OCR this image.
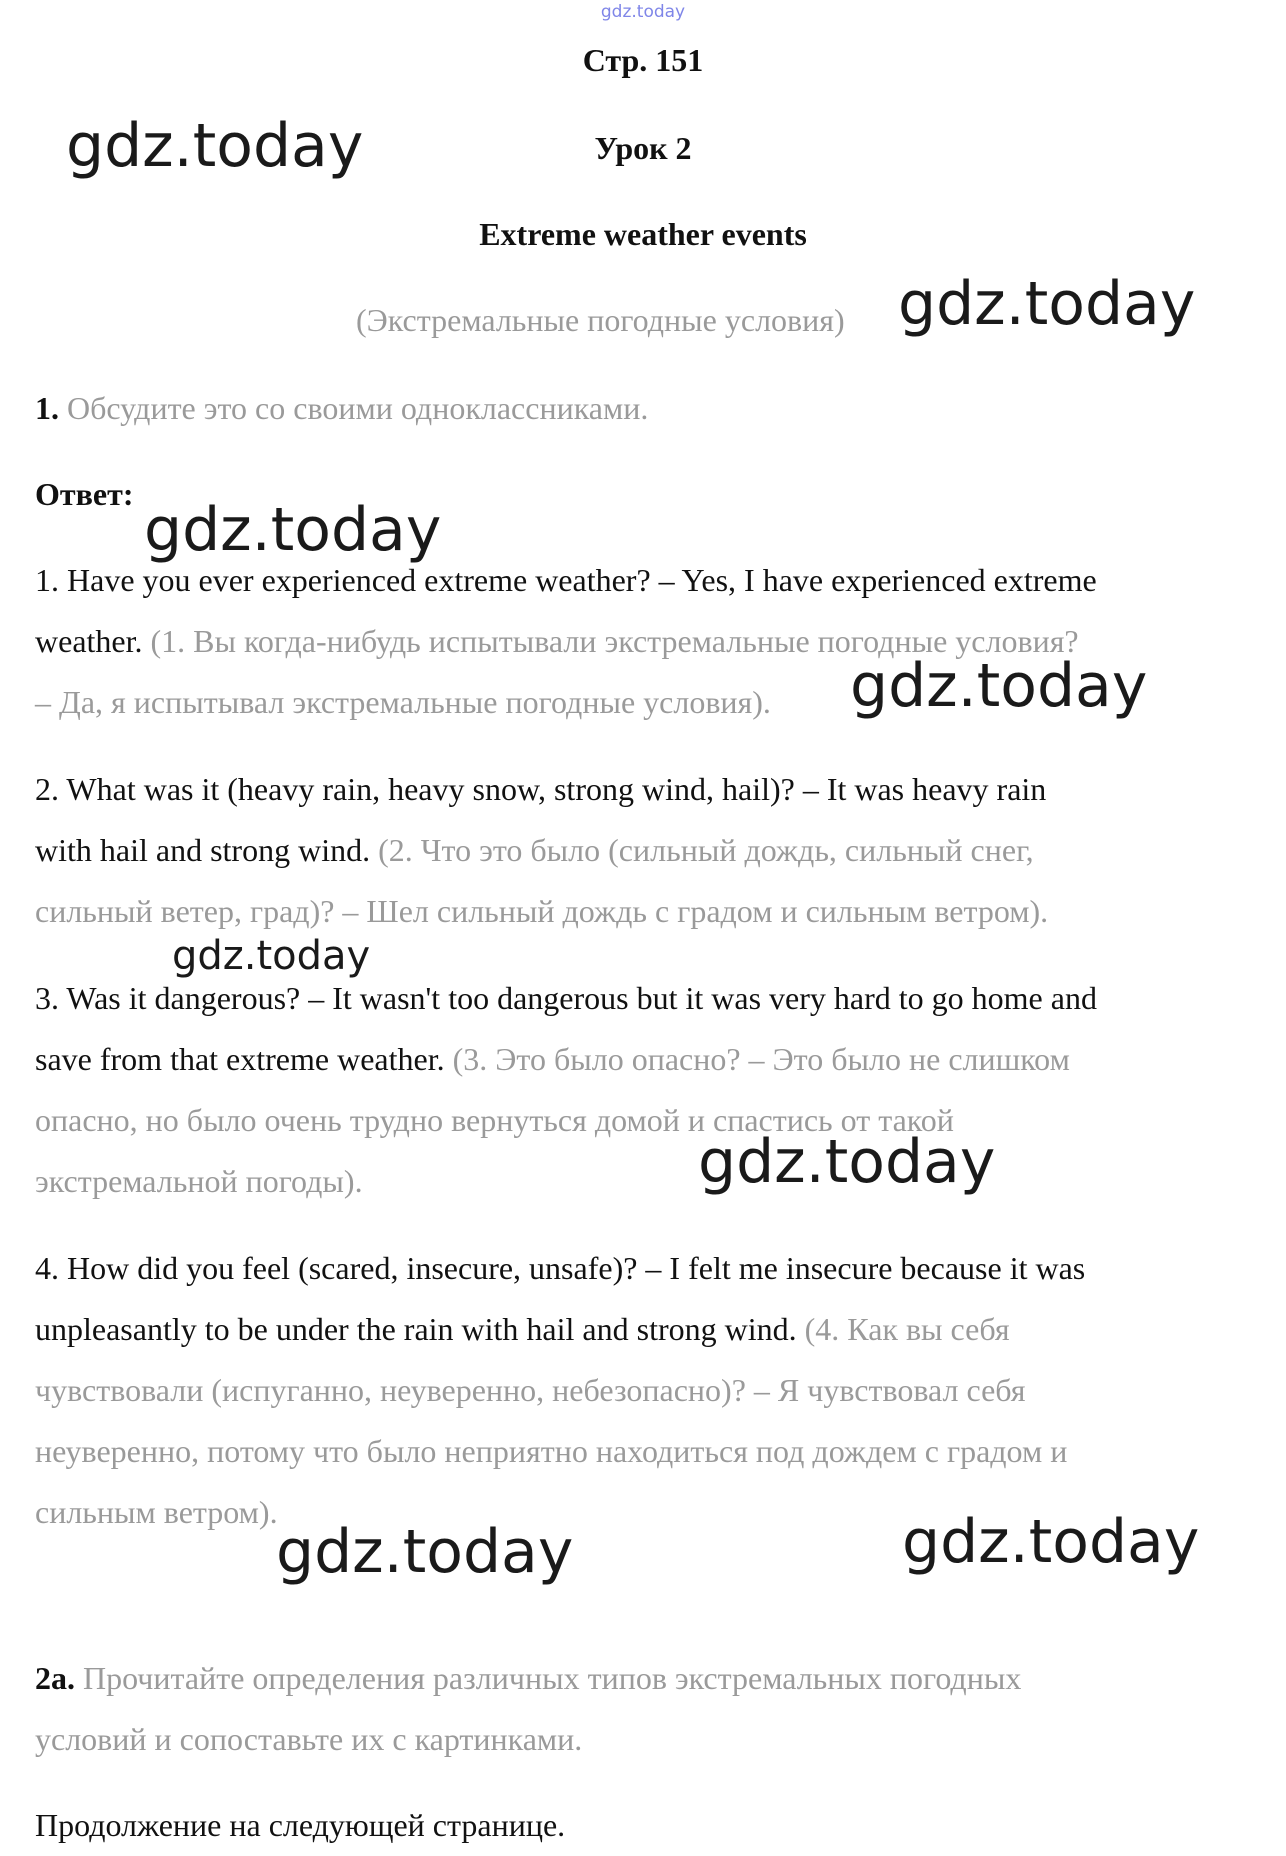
gdz.today

Стр. 151

Урок 2

Extreme weather events

(Экстремальные погодные условия)

1. Обсудите это со своими одноклассниками.

Ответ:

1. Have you ever experienced extreme weather? – Yes, I have experienced extreme

weather. (1. Вы когда-нибудь испытывали экстремальные погодные условия?

– Да, я испытывал экстремальные погодные условия).

2. What was it (heavy rain, heavy snow, strong wind, hail)? – It was heavy rain

with hail and strong wind. (2. Что это было (сильный дождь, сильный снег,

сильный ветер, град)? – Шел сильный дождь с градом и сильным ветром).

3. Was it dangerous? – It wasn't too dangerous but it was very hard to go home and

save from that extreme weather. (3. Это было опасно? – Это было не слишком

опасно, но было очень трудно вернуться домой и спастись от такой

экстремальной погоды).

4. How did you feel (scared, insecure, unsafe)? – I felt me insecure because it was

unpleasantly to be under the rain with hail and strong wind. (4. Как вы себя

чувствовали (испуганно, неуверенно, небезопасно)? – Я чувствовал себя

неуверенно, потому что было неприятно находиться под дождем с градом и

сильным ветром).

2a. Прочитайте определения различных типов экстремальных погодных

условий и сопоставьте их с картинками.

Продолжение на следующей странице.

gdz.today

gdz.today

gdz.today

gdz.today

gdz.today

gdz.today

gdz.today	gdz.today
